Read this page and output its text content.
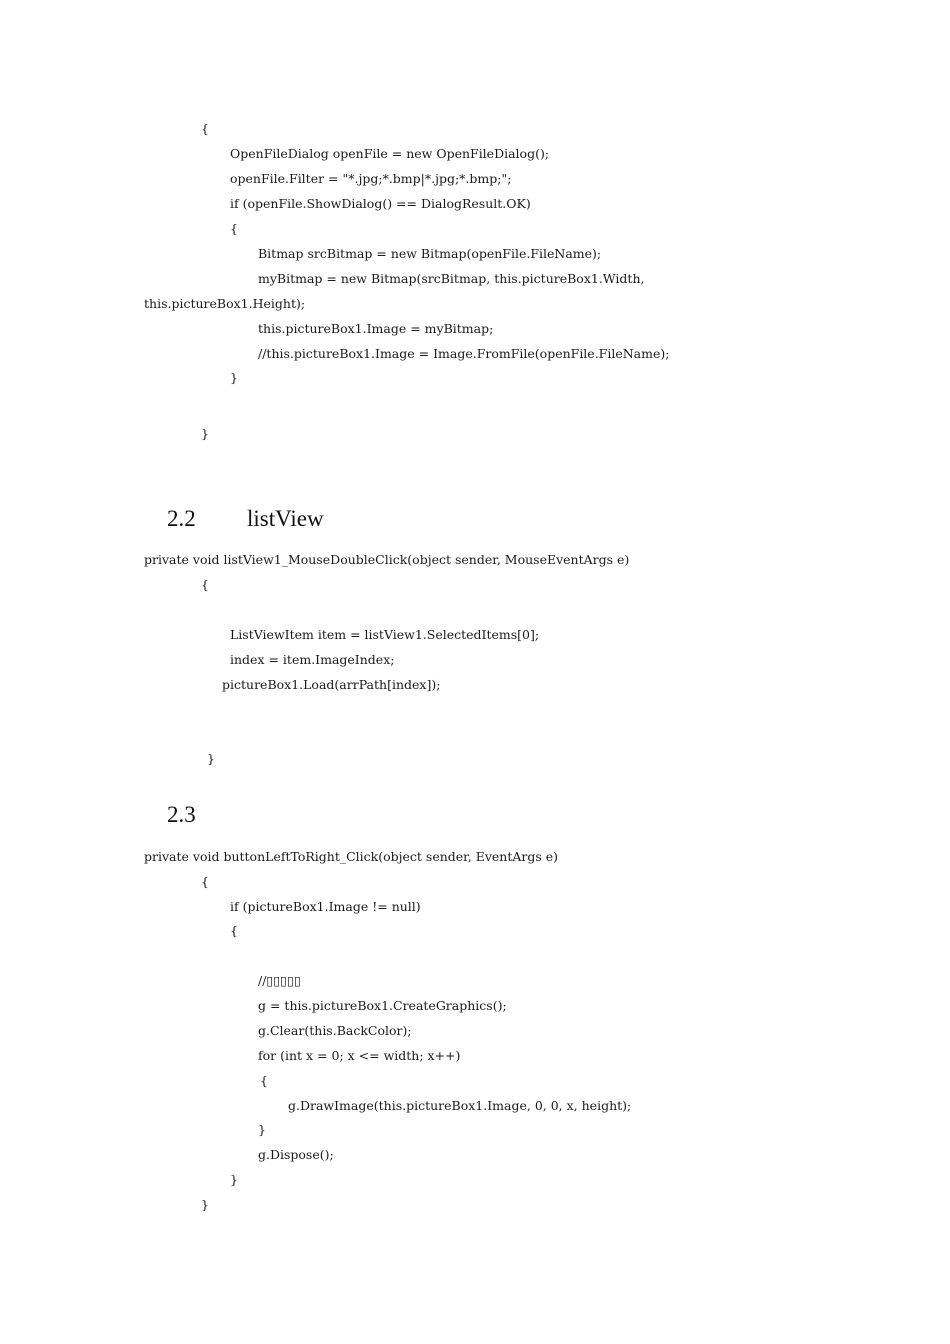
{
OpenFileDialog openFile = new OpenFileDialog();
openFile.Filter = "*.jpg;*.bmp|*.jpg;*.bmp;";
if (openFile.ShowDialog() == DialogResult.OK)
{
Bitmap srcBitmap = new Bitmap(openFile.FileName);
myBitmap = new Bitmap(srcBitmap, this.pictureBox1.Width,
this.pictureBox1.Height);
this.pictureBox1.Image = myBitmap;
//this.pictureBox1.Image = Image.FromFile(openFile.FileName);
}
}

2.2 listView

private void listView1_MouseDoubleClick(object sender, MouseEventArgs e)
{
ListViewItem item = listView1.SelectedItems[0];
index = item.ImageIndex;
pictureBox1.Load(arrPath[index]);
}

2.3

private void buttonLeftToRight_Click(object sender, EventArgs e)
{
if (pictureBox1.Image != null)
{
//▯▯▯▯▯
g = this.pictureBox1.CreateGraphics();
g.Clear(this.BackColor);
for (int x = 0; x <= width; x++)
{
g.DrawImage(this.pictureBox1.Image, 0, 0, x, height);
}
g.Dispose();
}
}
